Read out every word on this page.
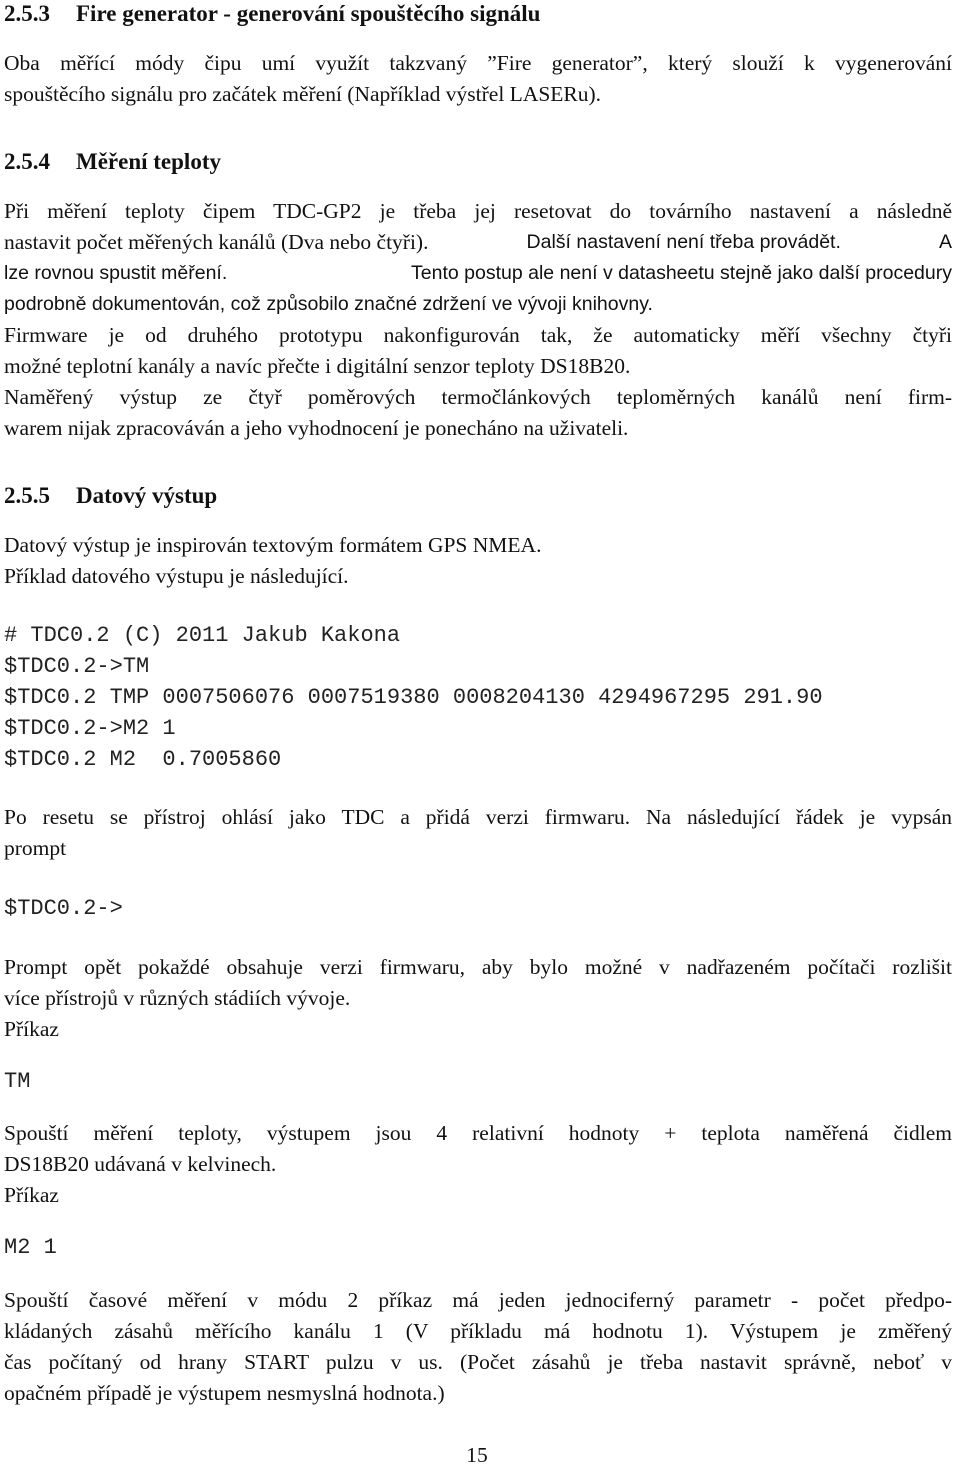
2.5.3 Fire generator - generování spouštěcího signálu
Oba měřící módy čipu umí využít takzvaný ”Fire generator”, který slouží k vygenerování
spouštěcího signálu pro začátek měření (Například výstřel LASERu).
2.5.4 Měření teploty
Při měření teploty čipem TDC-GP2 je třeba jej resetovat do továrního nastavení a následně
nastavit počet měřených kanálů (Dva nebo čtyři).	Další nastavení není třeba provádět.	A
lze rovnou spustit měření.	Tento postup ale není v datasheetu stejně jako další procedury
podrobně dokumentován, což způsobilo značné zdržení ve vývoji knihovny.
Firmware je od druhého prototypu nakonfigurován tak, že automaticky měří všechny čtyři
možné teplotní kanály a navíc přečte i digitální senzor teploty DS18B20.
Naměřený výstup ze čtyř poměrových termočlánkových teploměrných kanálů není firm-
warem nijak zpracováván a jeho vyhodnocení je ponecháno na uživateli.
2.5.5 Datový výstup
Datový výstup je inspirován textovým formátem GPS NMEA.
Příklad datového výstupu je následující.
# TDC0.2 (C) 2011 Jakub Kakona
$TDC0.2->TM
$TDC0.2 TMP 0007506076 0007519380 0008204130 4294967295 291.90
$TDC0.2->M2 1
$TDC0.2 M2  0.7005860
Po resetu se přístroj ohlásí jako TDC a přidá verzi firmwaru. Na následující řádek je vypsán
prompt
$TDC0.2->
Prompt opět pokaždé obsahuje verzi firmwaru, aby bylo možné v nadřazeném počítači rozlišit
více přístrojů v různých stádiích vývoje.
Příkaz
TM
Spouští měření teploty, výstupem jsou 4 relativní hodnoty + teplota naměřená čidlem
DS18B20 udávaná v kelvinech.
Příkaz
M2 1
Spouští časové měření v módu 2 příkaz má jeden jednociferný parametr - počet předpo-
kládaných zásahů měřícího kanálu 1 (V příkladu má hodnotu 1). Výstupem je změřený
čas počítaný od hrany START pulzu v us. (Počet zásahů je třeba nastavit správně, neboť v
opačném případě je výstupem nesmyslná hodnota.)
15
